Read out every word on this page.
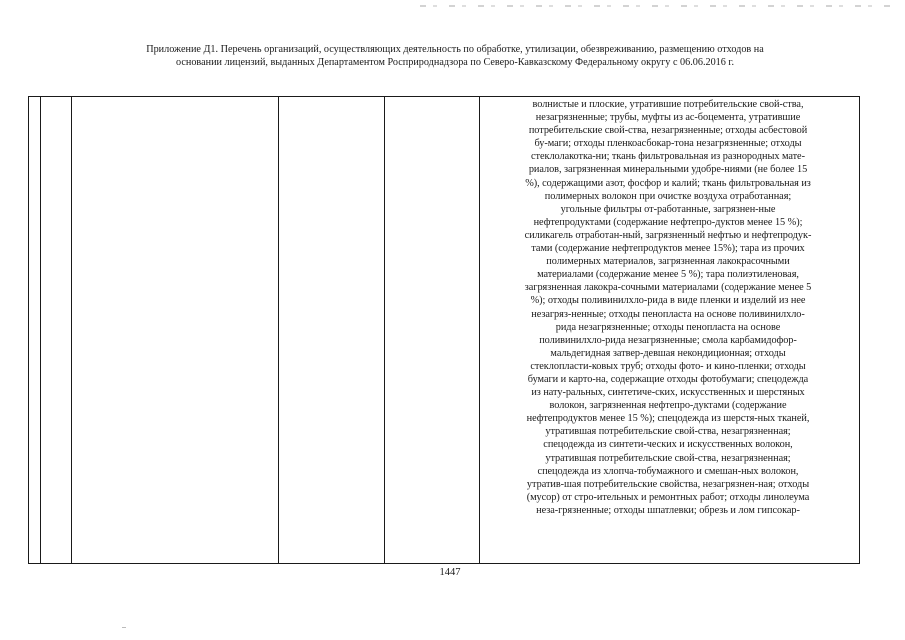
Приложение Д1. Перечень организаций, осуществляющих деятельность по обработке, утилизации, обезвреживанию, размещению отходов на
основании лицензий, выданных Департаментом Росприроднадзора по Северо-Кавказскому Федеральному округу с 06.06.2016 г.
волнистые и плоские, утратившие потребительские свой-ства,
незагрязненные; трубы, муфты из ас-боцемента, утратившие
потребительские свой-ства, незагрязненные; отходы асбестовой
бу-маги; отходы пленкоасбокар-тона незагрязненные; отходы
стеклолакотка-ни; ткань фильтровальная из разнородных мате-
риалов, загрязненная минеральными удобре-ниями (не более 15
%), содержащими азот, фосфор и калий; ткань фильтровальная из
полимерных волокон при очистке воздуха отработанная;
угольные фильтры от-работанные, загрязнен-ные
нефтепродуктами (содержание нефтепро-дуктов менее 15 %);
силикагель отработан-ный, загрязненный нефтью и нефтепродук-
тами (содержание нефтепродуктов менее 15%); тара из прочих
полимерных материалов, загрязненная лакокрасочными
материалами (содержание менее 5 %); тара полиэтиленовая,
загрязненная лакокра-сочными материалами (содержание менее 5
%); отходы поливинилхло-рида в виде пленки и изделий из нее
незагряз-ненные; отходы пенопласта на основе поливинилхло-
рида незагрязненные; отходы пенопласта на основе
поливинилхло-рида незагрязненные; смола карбамидофор-
мальдегидная затвер-девшая некондиционная; отходы
стеклопласти-ковых труб; отходы фото- и кино-пленки; отходы
бумаги и карто-на, содержащие отходы фотобумаги; спецодежда
из нату-ральных, синтетиче-ских, искусственных и шерстяных
волокон, загрязненная нефтепро-дуктами (содержание
нефтепродуктов менее 15 %); спецодежда из шерстя-ных тканей,
утратившая потребительские свой-ства, незагрязненная;
спецодежда из синтети-ческих и искусственных волокон,
утратившая потребительские свой-ства, незагрязненная;
спецодежда из хлопча-тобумажного и смешан-ных волокон,
утратив-шая потребительские свойства, незагрязнен-ная; отходы
(мусор) от стро-ительных и ремонтных работ; отходы линолеума
неза-грязненные; отходы шпатлевки; обрезь и лом гипсокар-
1447
